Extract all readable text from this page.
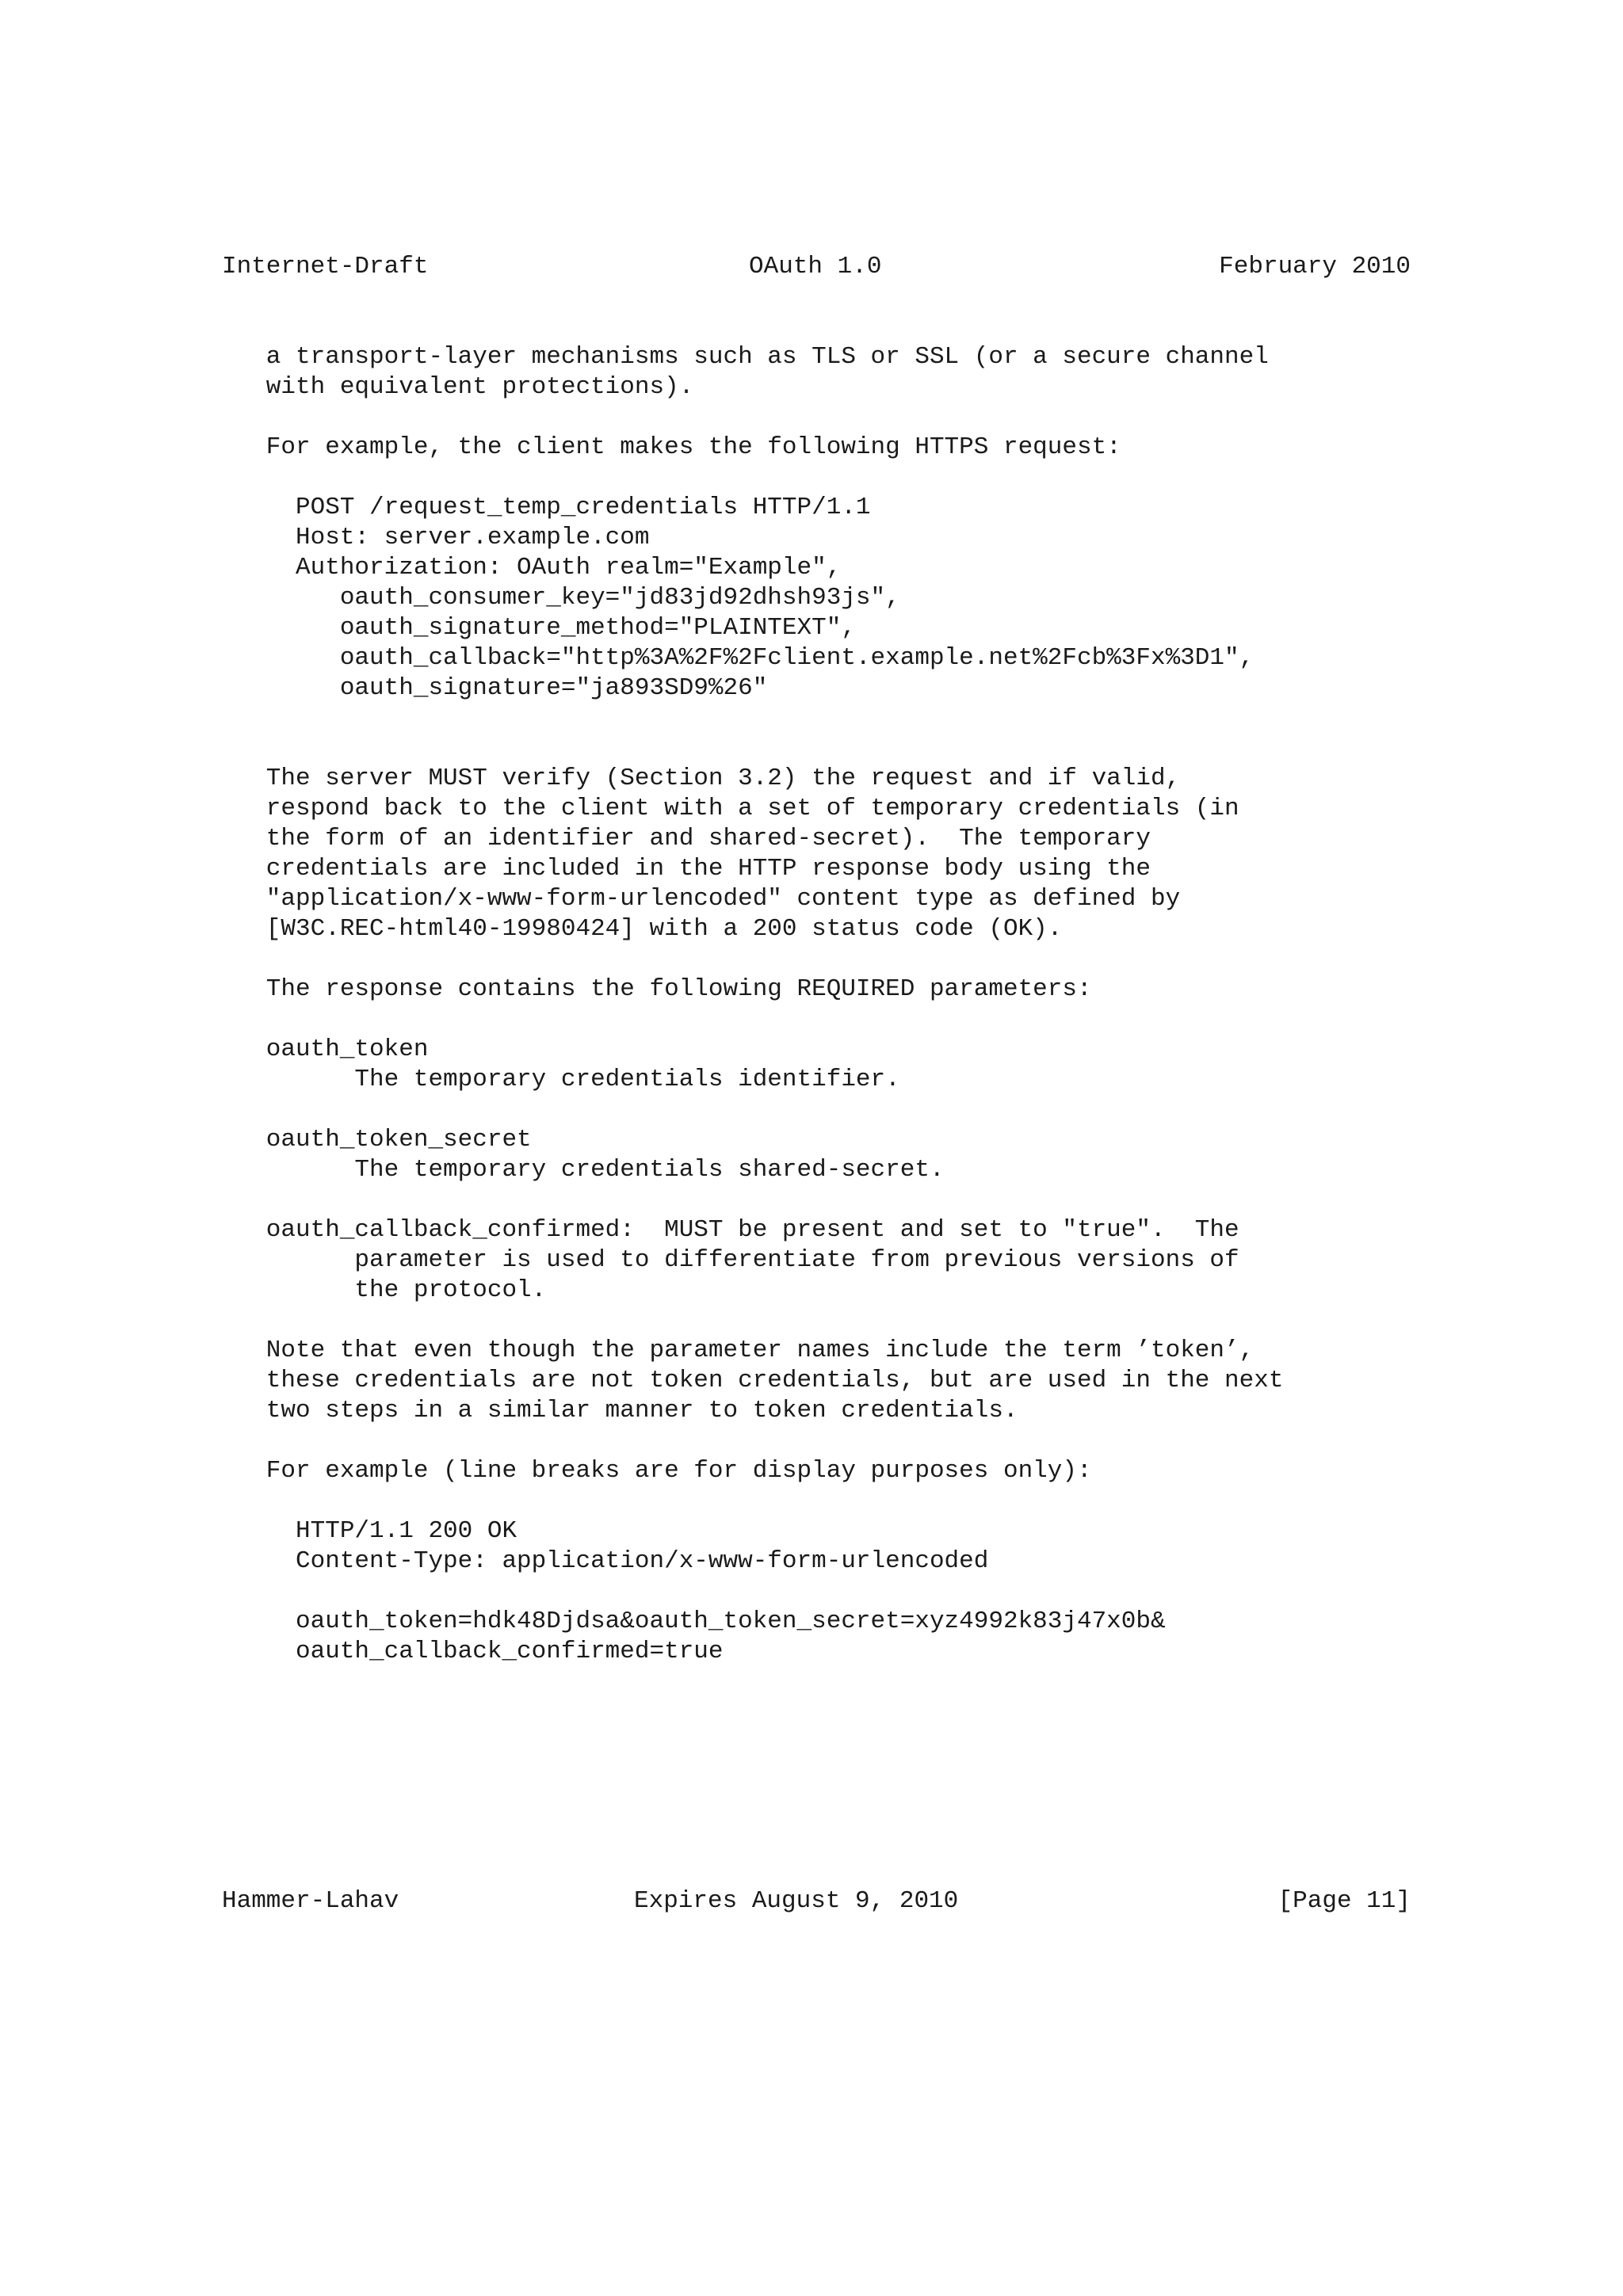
Internet-Draft	OAuth 1.0	February 2010
a transport-layer mechanisms such as TLS or SSL (or a secure channel
with equivalent protections).
For example, the client makes the following HTTPS request:
POST /request_temp_credentials HTTP/1.1
Host: server.example.com
Authorization: OAuth realm="Example",
oauth_consumer_key="jd83jd92dhsh93js",
oauth_signature_method="PLAINTEXT",
oauth_callback="http%3A%2F%2Fclient.example.net%2Fcb%3Fx%3D1",
oauth_signature="ja893SD9%26"
The server MUST verify (Section 3.2) the request and if valid,
respond back to the client with a set of temporary credentials (in
the form of an identifier and shared-secret).  The temporary
credentials are included in the HTTP response body using the
"application/x-www-form-urlencoded" content type as defined by
[W3C.REC-html40-19980424] with a 200 status code (OK).
The response contains the following REQUIRED parameters:
oauth_token
The temporary credentials identifier.
oauth_token_secret
The temporary credentials shared-secret.
oauth_callback_confirmed:  MUST be present and set to "true".  The
parameter is used to differentiate from previous versions of
the protocol.
Note that even though the parameter names include the term ’token’,
these credentials are not token credentials, but are used in the next
two steps in a similar manner to token credentials.
For example (line breaks are for display purposes only):
HTTP/1.1 200 OK
Content-Type: application/x-www-form-urlencoded
oauth_token=hdk48Djdsa&oauth_token_secret=xyz4992k83j47x0b&
oauth_callback_confirmed=true
Hammer-Lahav	Expires August 9, 2010	[Page 11]
